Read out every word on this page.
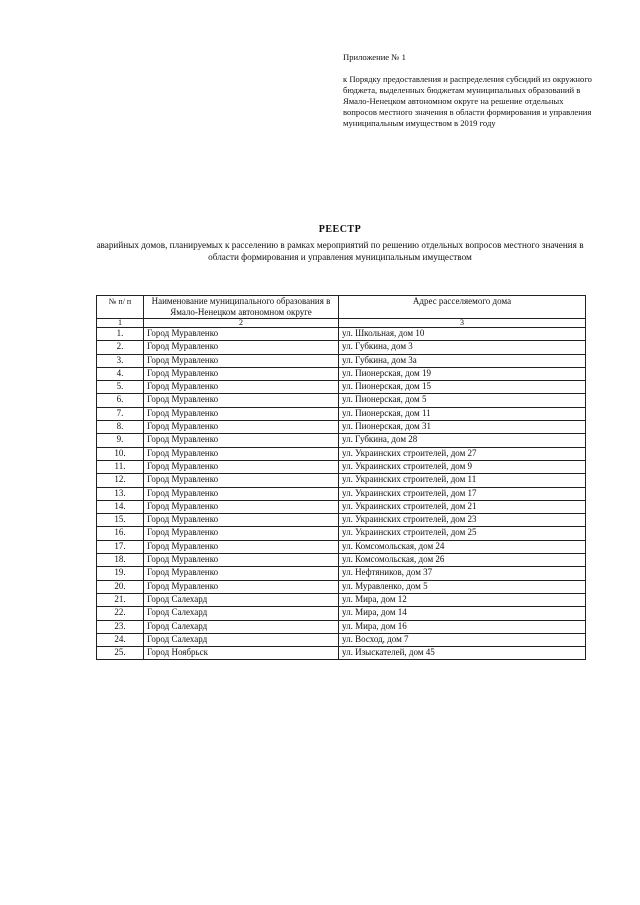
Приложение № 1
к Порядку предоставления и распределения субсидий из окружного бюджета, выделенных бюджетам муниципальных образований в Ямало-Ненецком автономном округе на решение отдельных вопросов местного значения в области формирования и управления муниципальным имуществом в 2019 году
РЕЕСТР
аварийных домов, планируемых к расселению в рамках мероприятий по решению отдельных вопросов местного значения в области формирования и управления муниципальным имуществом
№ п/ п	Наименование муниципального образования в Ямало-Ненецком автономном округе	Адрес расселяемого дома
1	2	3
1.	Город Муравленко	ул. Школьная, дом 10
2.	Город Муравленко	ул. Губкина, дом 3
3.	Город Муравленко	ул. Губкина, дом 3а
4.	Город Муравленко	ул. Пионерская, дом 19
5.	Город Муравленко	ул. Пионерская, дом 15
6.	Город Муравленко	ул. Пионерская, дом 5
7.	Город Муравленко	ул. Пионерская, дом 11
8.	Город Муравленко	ул. Пионерская, дом 31
9.	Город Муравленко	ул. Губкина, дом 28
10.	Город Муравленко	ул. Украинских строителей, дом 27
11.	Город Муравленко	ул. Украинских строителей, дом 9
12.	Город Муравленко	ул. Украинских строителей, дом 11
13.	Город Муравленко	ул. Украинских строителей, дом 17
14.	Город Муравленко	ул. Украинских строителей, дом 21
15.	Город Муравленко	ул. Украинских строителей, дом 23
16.	Город Муравленко	ул. Украинских строителей, дом 25
17.	Город Муравленко	ул. Комсомольская, дом 24
18.	Город Муравленко	ул. Комсомольская, дом 26
19.	Город Муравленко	ул. Нефтяников, дом 37
20.	Город Муравленко	ул. Муравленко, дом 5
21.	Город Салехард	ул. Мира, дом 12
22.	Город Салехард	ул. Мира, дом 14
23.	Город Салехард	ул. Мира, дом 16
24.	Город Салехард	ул. Восход, дом 7
25.	Город Ноябрьск	ул. Изыскателей, дом 45
